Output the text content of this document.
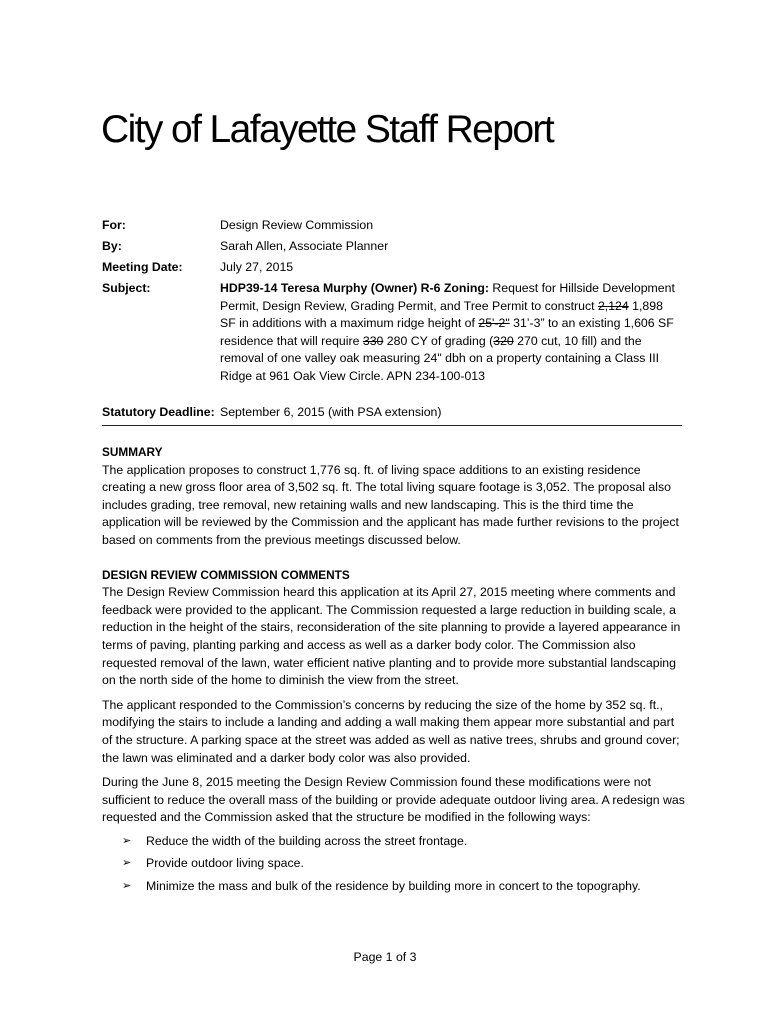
City of Lafayette Staff Report
For:	Design Review Commission
By:	Sarah Allen, Associate Planner
Meeting Date:	July 27, 2015
Subject:	HDP39-14 Teresa Murphy (Owner) R-6 Zoning: Request for Hillside Development Permit, Design Review, Grading Permit, and Tree Permit to construct 2,124 1,898 SF in additions with a maximum ridge height of 25'-2" 31’-3” to an existing 1,606 SF residence that will require 330 280 CY of grading (320 270 cut, 10 fill) and the removal of one valley oak measuring 24" dbh on a property containing a Class III Ridge at 961 Oak View Circle. APN 234-100-013
Statutory Deadline: September 6, 2015 (with PSA extension)

SUMMARY

The application proposes to construct 1,776 sq. ft. of living space additions to an existing residence creating a new gross floor area of 3,502 sq. ft. The total living square footage is 3,052. The proposal also includes grading, tree removal, new retaining walls and new landscaping. This is the third time the application will be reviewed by the Commission and the applicant has made further revisions to the project based on comments from the previous meetings discussed below.

DESIGN REVIEW COMMISSION COMMENTS

The Design Review Commission heard this application at its April 27, 2015 meeting where comments and feedback were provided to the applicant. The Commission requested a large reduction in building scale, a reduction in the height of the stairs, reconsideration of the site planning to provide a layered appearance in terms of paving, planting parking and access as well as a darker body color. The Commission also requested removal of the lawn, water efficient native planting and to provide more substantial landscaping on the north side of the home to diminish the view from the street.

The applicant responded to the Commission’s concerns by reducing the size of the home by 352 sq. ft., modifying the stairs to include a landing and adding a wall making them appear more substantial and part of the structure. A parking space at the street was added as well as native trees, shrubs and ground cover; the lawn was eliminated and a darker body color was also provided.

During the June 8, 2015 meeting the Design Review Commission found these modifications were not sufficient to reduce the overall mass of the building or provide adequate outdoor living area. A redesign was requested and the Commission asked that the structure be modified in the following ways:

➢	Reduce the width of the building across the street frontage.
➢	Provide outdoor living space.
➢	Minimize the mass and bulk of the residence by building more in concert to the topography.
Page 1 of 3
